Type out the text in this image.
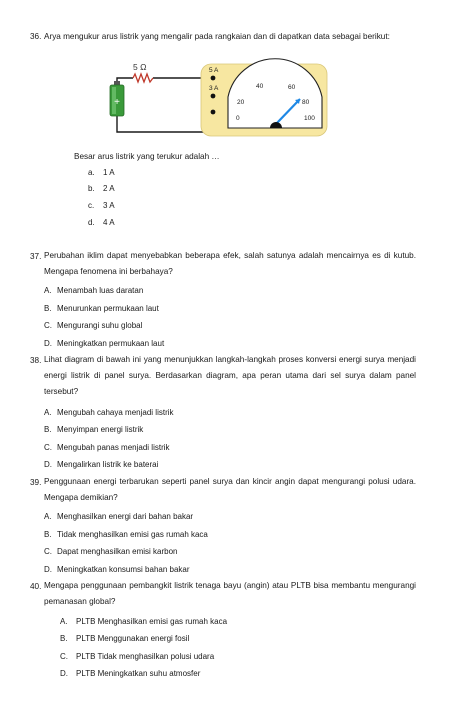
36. Arya mengukur arus listrik yang mengalir pada rangkaian dan di dapatkan data sebagai berikut:
+
5 Ω	5 A
3 A
0
20
40	60
80
100
Besar arus listrik yang terukur adalah …
a. 1 A
b. 2 A
c. 3 A
d. 4 A
37. Perubahan iklim dapat menyebabkan beberapa efek, salah satunya adalah mencairnya es di kutub. Mengapa fenomena ini berbahaya?
A. Menambah luas daratan
B. Menurunkan permukaan laut
C. Mengurangi suhu global
D. Meningkatkan permukaan laut
38. Lihat diagram di bawah ini yang menunjukkan langkah-langkah proses konversi energi surya menjadi energi listrik di panel surya. Berdasarkan diagram, apa peran utama dari sel surya dalam panel tersebut?
A. Mengubah cahaya menjadi listrik
B. Menyimpan energi listrik
C. Mengubah panas menjadi listrik
D. Mengalirkan listrik ke baterai
39. Penggunaan energi terbarukan seperti panel surya dan kincir angin dapat mengurangi polusi udara. Mengapa demikian?
A. Menghasilkan energi dari bahan bakar
B. Tidak menghasilkan emisi gas rumah kaca
C. Dapat menghasilkan emisi karbon
D. Meningkatkan konsumsi bahan bakar
40. Mengapa penggunaan pembangkit listrik tenaga bayu (angin) atau PLTB bisa membantu mengurangi pemanasan global?
A. PLTB Menghasilkan emisi gas rumah kaca
B. PLTB Menggunakan energi fosil
C. PLTB Tidak menghasilkan polusi udara
D. PLTB Meningkatkan suhu atmosfer
